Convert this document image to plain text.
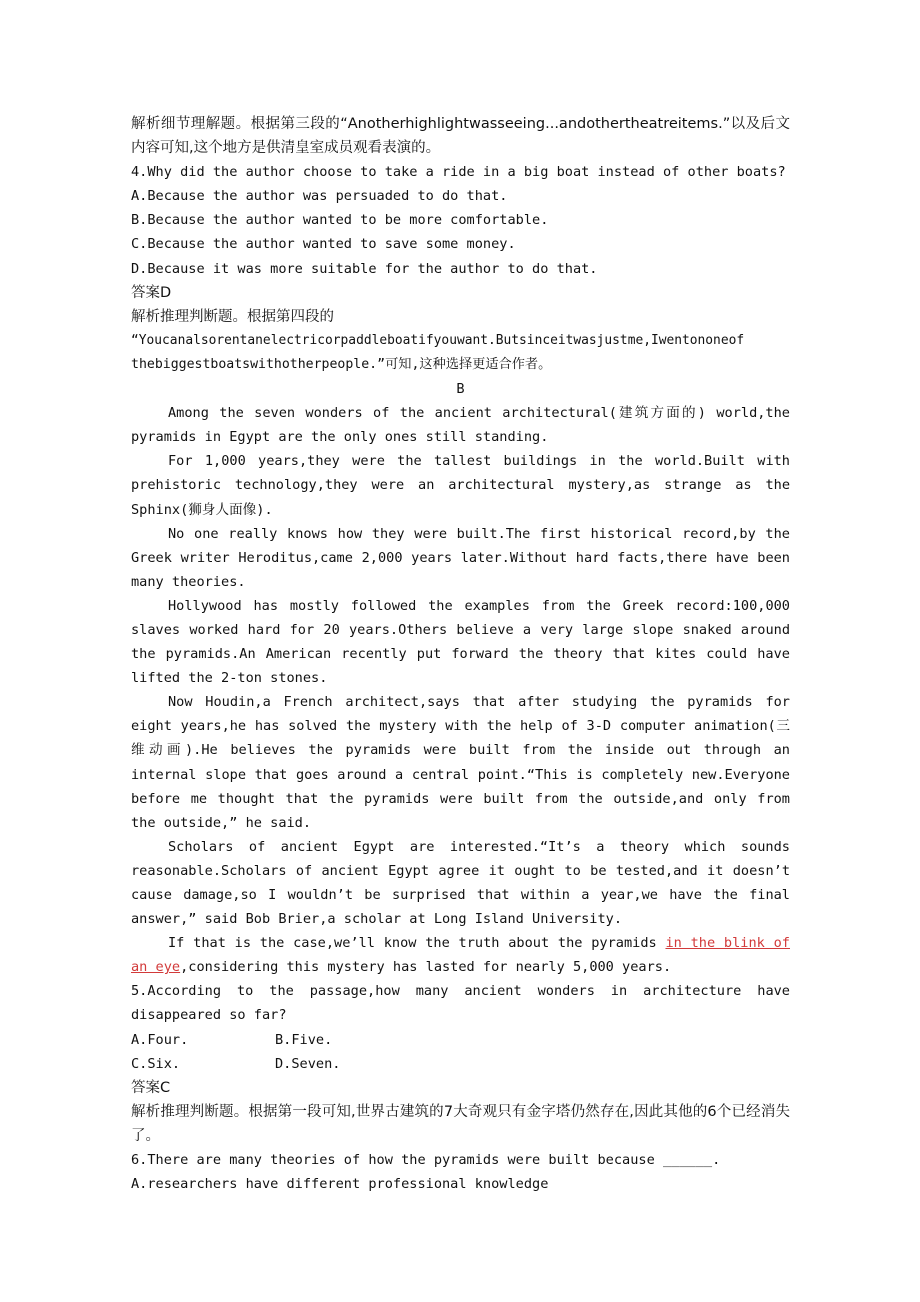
解析细节理解题。根据第三段的“Anotherhighlightwasseeing...andothertheatreitems.”以及后文内容可知,这个地方是供清皇室成员观看表演的。

4.Why did the author choose to take a ride in a big boat instead of other boats?

A.Because the author was persuaded to do that.

B.Because the author wanted to be more comfortable.

C.Because the author wanted to save some money.

D.Because it was more suitable for the author to do that.

答案D

解析推理判断题。根据第四段的

“Youcanalsorentanelectricorpaddleboatifyouwant.Butsinceitwasjustme,Iwentononeof

thebiggestboatswithotherpeople.”可知,这种选择更适合作者。

B

Among the seven wonders of the ancient architectural(建筑方面的) world,the pyramids in Egypt are the only ones still standing.

For 1,000 years,they were the tallest buildings in the world.Built with prehistoric technology,they were an architectural mystery,as strange as the Sphinx(狮身人面像).

No one really knows how they were built.The first historical record,by the Greek writer Heroditus,came 2,000 years later.Without hard facts,there have been many theories.

Hollywood has mostly followed the examples from the Greek record:100,000 slaves worked hard for 20 years.Others believe a very large slope snaked around the pyramids.An American recently put forward the theory that kites could have lifted the 2-ton stones.

Now Houdin,a French architect,says that after studying the pyramids for eight years,he has solved the mystery with the help of 3-D computer animation(三维动画).He believes the pyramids were built from the inside out through an internal slope that goes around a central point.“This is completely new.Everyone before me thought that the pyramids were built from the outside,and only from the outside,” he said.

Scholars of ancient Egypt are interested.“It’s a theory which sounds reasonable.Scholars of ancient Egypt agree it ought to be tested,and it doesn’t cause damage,so I wouldn’t be surprised that within a year,we have the final answer,” said Bob Brier,a scholar at Long Island University.

If that is the case,we’ll know the truth about the pyramids in the blink of an eye,considering this mystery has lasted for nearly 5,000 years.

5.According to the passage,how many ancient wonders in architecture have disappeared so far?

A.Four.	B.Five.
C.Six.	D.Seven.

答案C

解析推理判断题。根据第一段可知,世界古建筑的7大奇观只有金字塔仍然存在,因此其他的6个已经消失了。

6.There are many theories of how the pyramids were built because ______.

A.researchers have different professional knowledge
